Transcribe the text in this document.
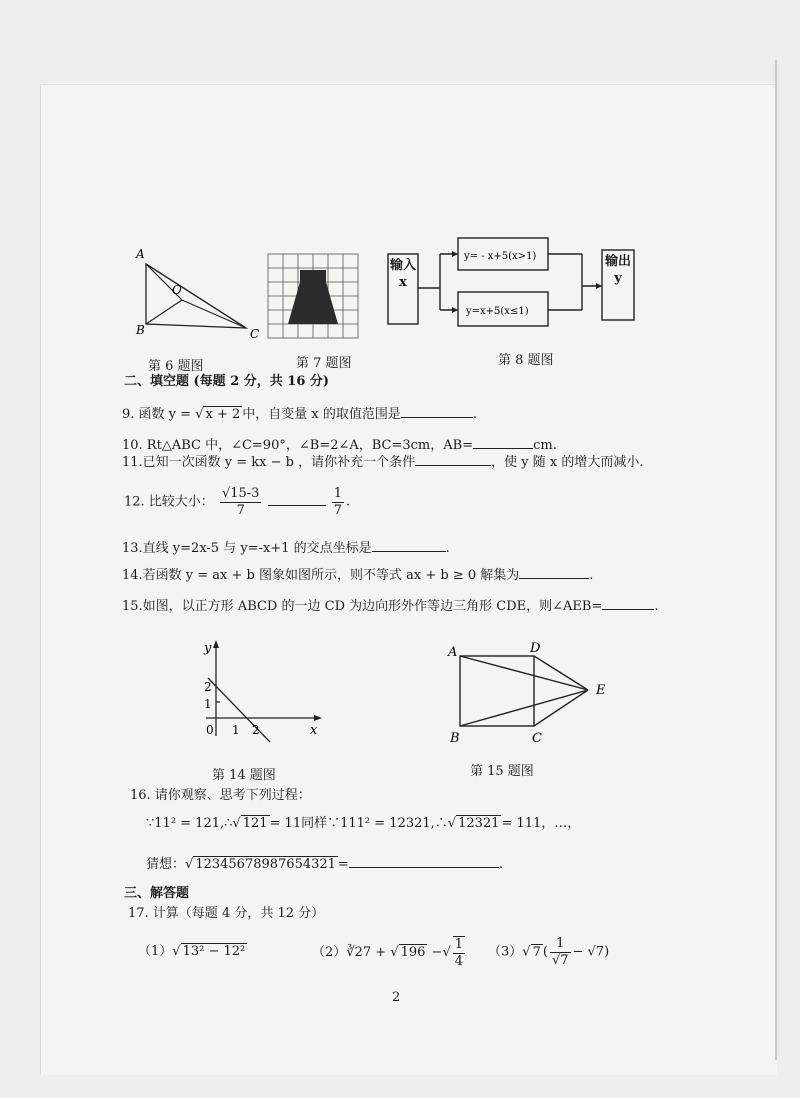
A
B	C
O
输入x
输出y
y= - x+5(x>1)
y=x+5(x≤1)
第 6 题图	第 7 题图	第 8 题图
二、填空题 (每题 2 分，共 16 分)
9. 函数 y = √ x + 2 中，自变量 x 的取值范围是	.
10. Rt△ABC 中，∠C=90°，∠B=2∠A，BC=3cm，AB=	cm.
11.已知一次函数 y = kx − b ，请你补充一个条件	，使 y 随 x 的增大而减小.
12. 比较大小： $\frac{√15-3}{7}$
	$\frac{1}{7}$ .
13.直线 y=2x-5 与 y=-x+1 的交点坐标是	.
14.若函数 y = ax + b 图象如图所示，则不等式 ax + b ≥ 0 解集为	.
15.如图，以正方形 ABCD 的一边 CD 为边向形外作等边三角形 CDE，则∠AEB=	.
y
x
0 1 2
1
2
A	D
E
B	C
第 14 题图	第 15 题图
16. 请你观察、思考下列过程：
∵11² = 121,∴√ 121 = 11同样∵111² = 12321,∴√ 12321 = 111，…，
猜想：√ 12345678987654321 =	.
三、解答题
17. 计算（每题 4 分，共 12 分）
（1）√ 13² − 12²	（2）∛27 + √ 196 −√ $\frac{1}{4} (3)√$ 7 ( $\frac{1}{√7} - √7$)
2
